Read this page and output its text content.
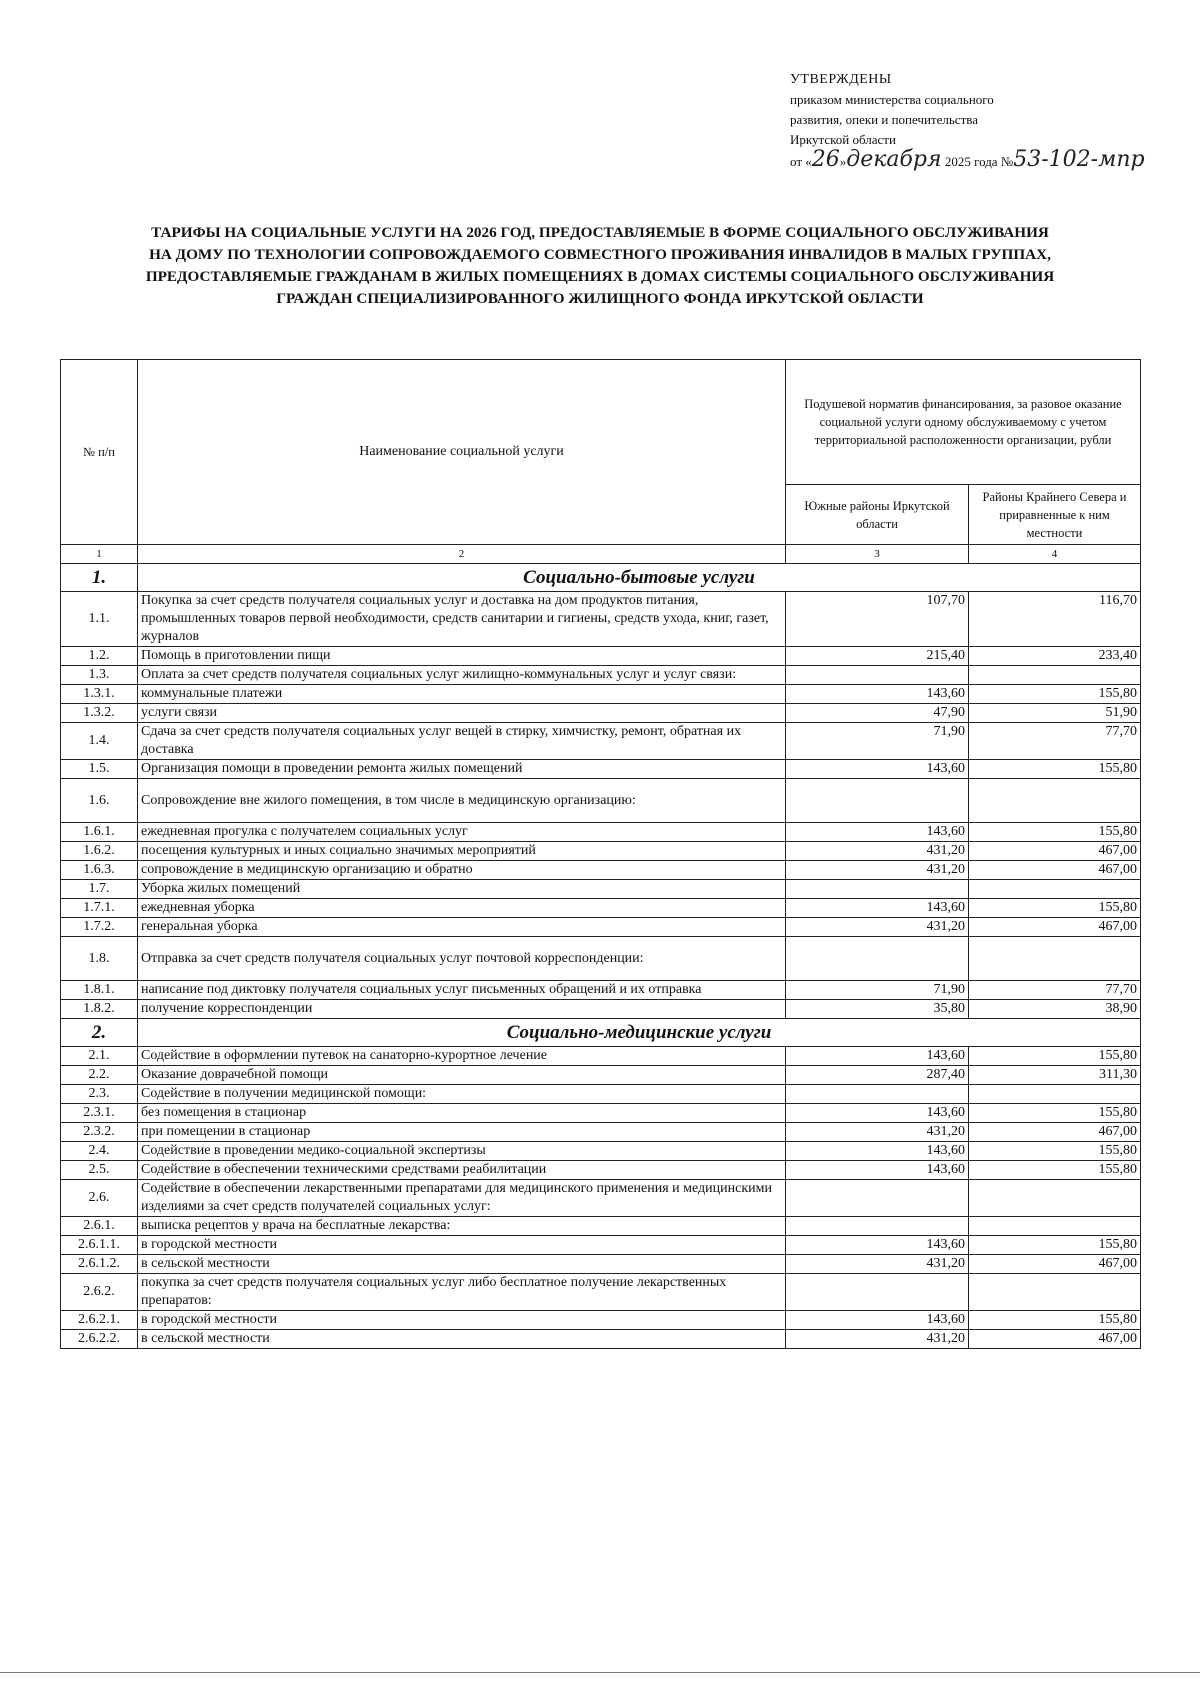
УТВЕРЖДЕНЫ
приказом министерства социального
развития, опеки и попечительства
Иркутской области
от «26»декабря 2025 года №53-102-мпр
ТАРИФЫ НА СОЦИАЛЬНЫЕ УСЛУГИ НА 2026 ГОД, ПРЕДОСТАВЛЯЕМЫЕ В ФОРМЕ СОЦИАЛЬНОГО ОБСЛУЖИВАНИЯ
НА ДОМУ ПО ТЕХНОЛОГИИ СОПРОВОЖДАЕМОГО СОВМЕСТНОГО ПРОЖИВАНИЯ ИНВАЛИДОВ В МАЛЫХ ГРУППАХ,
ПРЕДОСТАВЛЯЕМЫЕ ГРАЖДАНАМ В ЖИЛЫХ ПОМЕЩЕНИЯХ В ДОМАХ СИСТЕМЫ СОЦИАЛЬНОГО ОБСЛУЖИВАНИЯ
ГРАЖДАН СПЕЦИАЛИЗИРОВАННОГО ЖИЛИЩНОГО ФОНДА ИРКУТСКОЙ ОБЛАСТИ
№ п/п	Наименование социальной услуги	Подушевой норматив финансирования, за разовое оказание социальной услуги одному обслуживаемому с учетом территориальной расположенности организации, рубли	
		Южные районы Иркутской области	Районы Крайнего Севера и приравненные к ним местности
1	2	3	4
1.	Социально-бытовые услуги		
1.1.	Покупка за счет средств получателя социальных услуг и доставка на дом продуктов питания, промышленных товаров первой необходимости, средств санитарии и гигиены, средств ухода, книг, газет, журналов	107,70	116,70
1.2.	Помощь в приготовлении пищи	215,40	233,40
1.3.	Оплата за счет средств получателя социальных услуг жилищно-коммунальных услуг и услуг связи:		
1.3.1.	коммунальные платежи	143,60	155,80
1.3.2.	услуги связи	47,90	51,90
1.4.	Сдача за счет средств получателя социальных услуг вещей в стирку, химчистку, ремонт, обратная их доставка	71,90	77,70
1.5.	Организация помощи в проведении ремонта жилых помещений	143,60	155,80
1.6.	Сопровождение вне жилого помещения, в том числе в медицинскую организацию:		
1.6.1.	ежедневная прогулка с получателем социальных услуг	143,60	155,80
1.6.2.	посещения культурных и иных социально значимых мероприятий	431,20	467,00
1.6.3.	сопровождение в медицинскую организацию и обратно	431,20	467,00
1.7.	Уборка жилых помещений		
1.7.1.	ежедневная уборка	143,60	155,80
1.7.2.	генеральная уборка	431,20	467,00
1.8.	Отправка за счет средств получателя социальных услуг почтовой корреспонденции:		
1.8.1.	написание под диктовку получателя социальных услуг письменных обращений и их отправка	71,90	77,70
1.8.2.	получение корреспонденции	35,80	38,90
2.	Социально-медицинские услуги		
2.1.	Содействие в оформлении путевок на санаторно-курортное лечение	143,60	155,80
2.2.	Оказание доврачебной помощи	287,40	311,30
2.3.	Содействие в получении медицинской помощи:		
2.3.1.	без помещения в стационар	143,60	155,80
2.3.2.	при помещении в стационар	431,20	467,00
2.4.	Содействие в проведении медико-социальной экспертизы	143,60	155,80
2.5.	Содействие в обеспечении техническими средствами реабилитации	143,60	155,80
2.6.	Содействие в обеспечении лекарственными препаратами для медицинского применения и медицинскими изделиями за счет средств получателей социальных услуг:		
2.6.1.	выписка рецептов у врача на бесплатные лекарства:		
2.6.1.1.	в городской местности	143,60	155,80
2.6.1.2.	в сельской местности	431,20	467,00
2.6.2.	покупка за счет средств получателя социальных услуг либо бесплатное получение лекарственных препаратов:		
2.6.2.1.	в городской местности	143,60	155,80
2.6.2.2.	в сельской местности	431,20	467,00
